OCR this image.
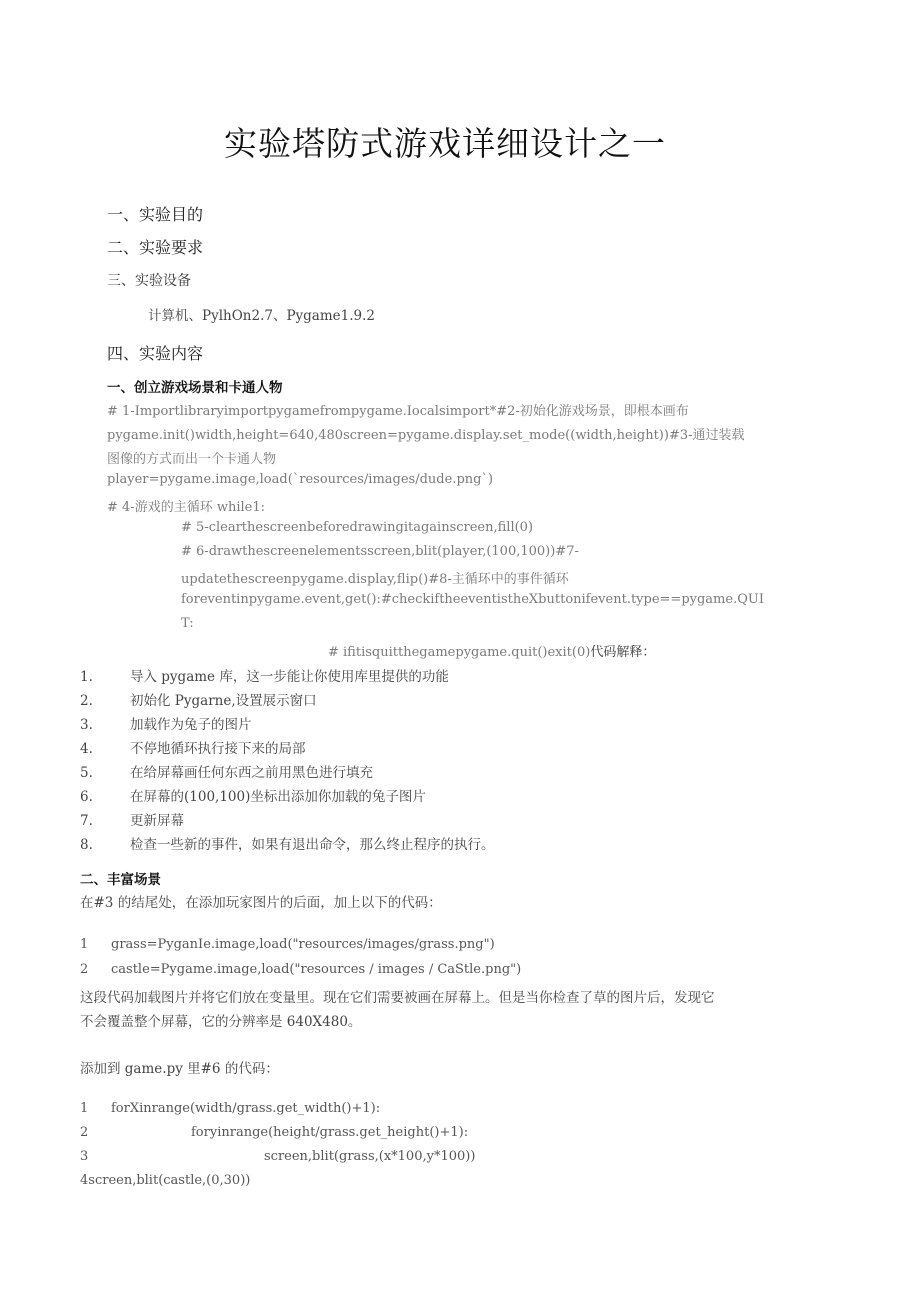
实验塔防式游戏详细设计之一
一、实验目的
二、实验要求
三、实验设备
计算机、PylhOn2.7、Pygame1.9.2
四、实验内容
一、创立游戏场景和卡通人物
# 1-Importlibraryimportpygamefrompygame.Iocalsimport*#2-初始化游戏场景，即根本画布
pygame.init()width,height=640,480screen=pygame.display.set_mode((width,height))#3-通过装载
图像的方式而出一个卡通人物
player=pygame.image,load(`resources/images/dude.png`)
# 4-游戏的主循环 while1:
# 5-clearthescreenbeforedrawingitagainscreen,fill(0)
# 6-drawthescreenelementsscreen,blit(player,(100,100))#7-
updatethescreenpygame.display,flip()#8-主循环中的事件循环
foreventinpygame.event,get():#checkiftheeventistheXbuttonifevent.type==pygame.QUI
T:
# ifitisquitthegamepygame.quit()exit(0)代码解释：
1.	导入 pygame 库，这一步能让你使用库里提供的功能
2.	初始化 Pygarne,设置展示窗口
3.	加载作为兔子的图片
4.	不停地循环执行接下来的局部
5.	在给屏幕画任何东西之前用黑色进行填充
6.	在屏幕的(100,100)坐标出添加你加载的兔子图片
7.	更新屏幕
8.	检查一些新的事件，如果有退出命令，那么终止程序的执行。
二、丰富场景
在#3 的结尾处，在添加玩家图片的后面，加上以下的代码：
1 grass=PyganIe.image,load("resources/images/grass.png")
2 castle=Pygame.image,load("resources / images / CaStle.png")
这段代码加载图片并将它们放在变量里。现在它们需要被画在屏幕上。但是当你检查了草的图片后，发现它
不会覆盖整个屏幕，它的分辨率是 640X480。
添加到 game.py 里#6 的代码：
1 forXinrange(width/grass.get_width()+1):
2	foryinrange(height/grass.get_height()+1):
3	screen,blit(grass,(x*100,y*100))
4screen,blit(castle,(0,30))
